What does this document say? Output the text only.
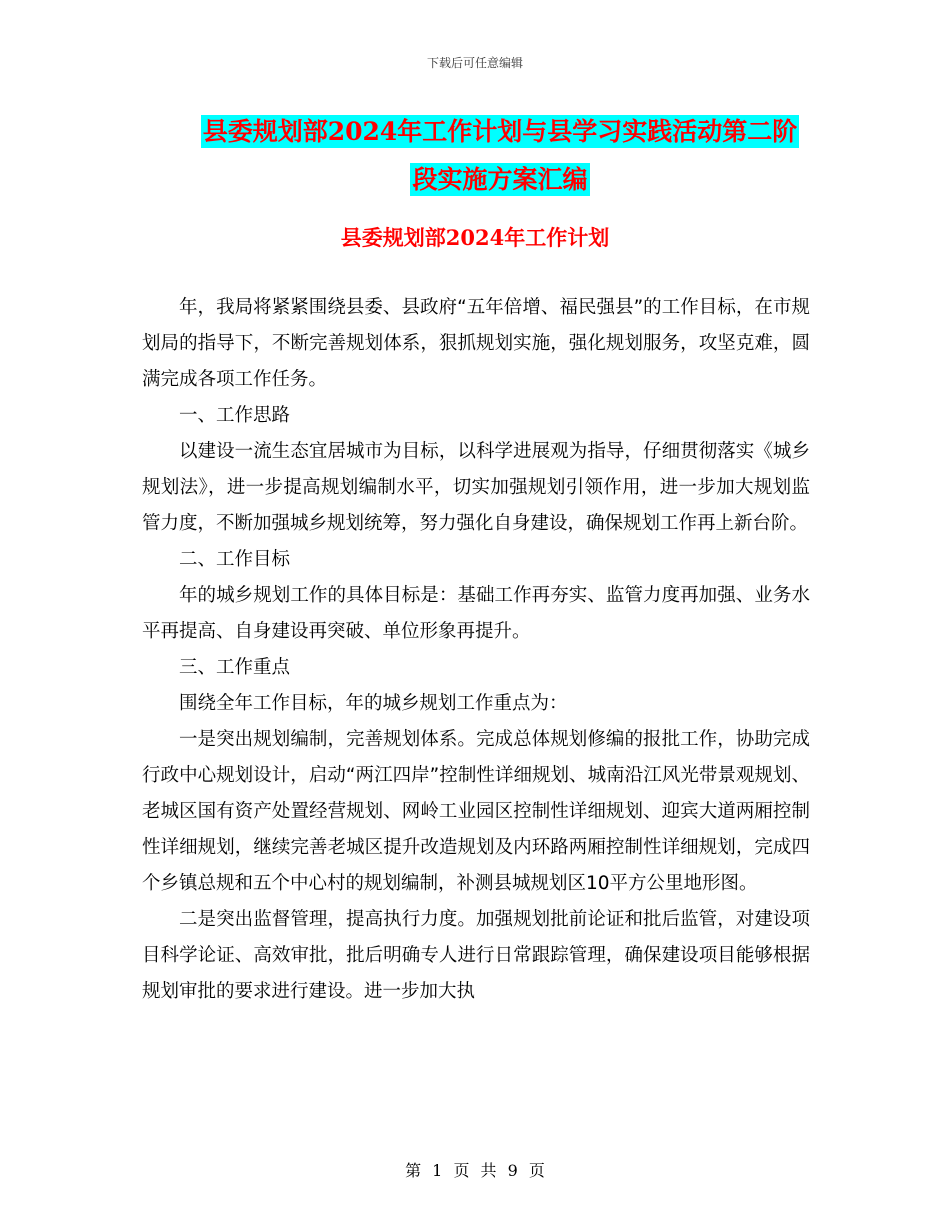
下载后可任意编辑
县委规划部2024年工作计划与县学习实践活动第二阶
段实施方案汇编
县委规划部2024年工作计划

年，我局将紧紧围绕县委、县政府“五年倍增、福民强县”的工作目标，在市规划局的指导下，不断完善规划体系，狠抓规划实施，强化规划服务，攻坚克难，圆满完成各项工作任务。

一、工作思路

以建设一流生态宜居城市为目标，以科学进展观为指导，仔细贯彻落实《城乡规划法》，进一步提高规划编制水平，切实加强规划引领作用，进一步加大规划监管力度，不断加强城乡规划统筹，努力强化自身建设，确保规划工作再上新台阶。

二、工作目标

年的城乡规划工作的具体目标是：基础工作再夯实、监管力度再加强、业务水平再提高、自身建设再突破、单位形象再提升。

三、工作重点

围绕全年工作目标，年的城乡规划工作重点为：

一是突出规划编制，完善规划体系。完成总体规划修编的报批工作，协助完成行政中心规划设计，启动“两江四岸”控制性详细规划、城南沿江风光带景观规划、老城区国有资产处置经营规划、网岭工业园区控制性详细规划、迎宾大道两厢控制性详细规划，继续完善老城区提升改造规划及内环路两厢控制性详细规划，完成四个乡镇总规和五个中心村的规划编制，补测县城规划区10平方公里地形图。

二是突出监督管理，提高执行力度。加强规划批前论证和批后监管，对建设项目科学论证、高效审批，批后明确专人进行日常跟踪管理，确保建设项目能够根据规划审批的要求进行建设。进一步加大执

第 1 页 共 9 页
